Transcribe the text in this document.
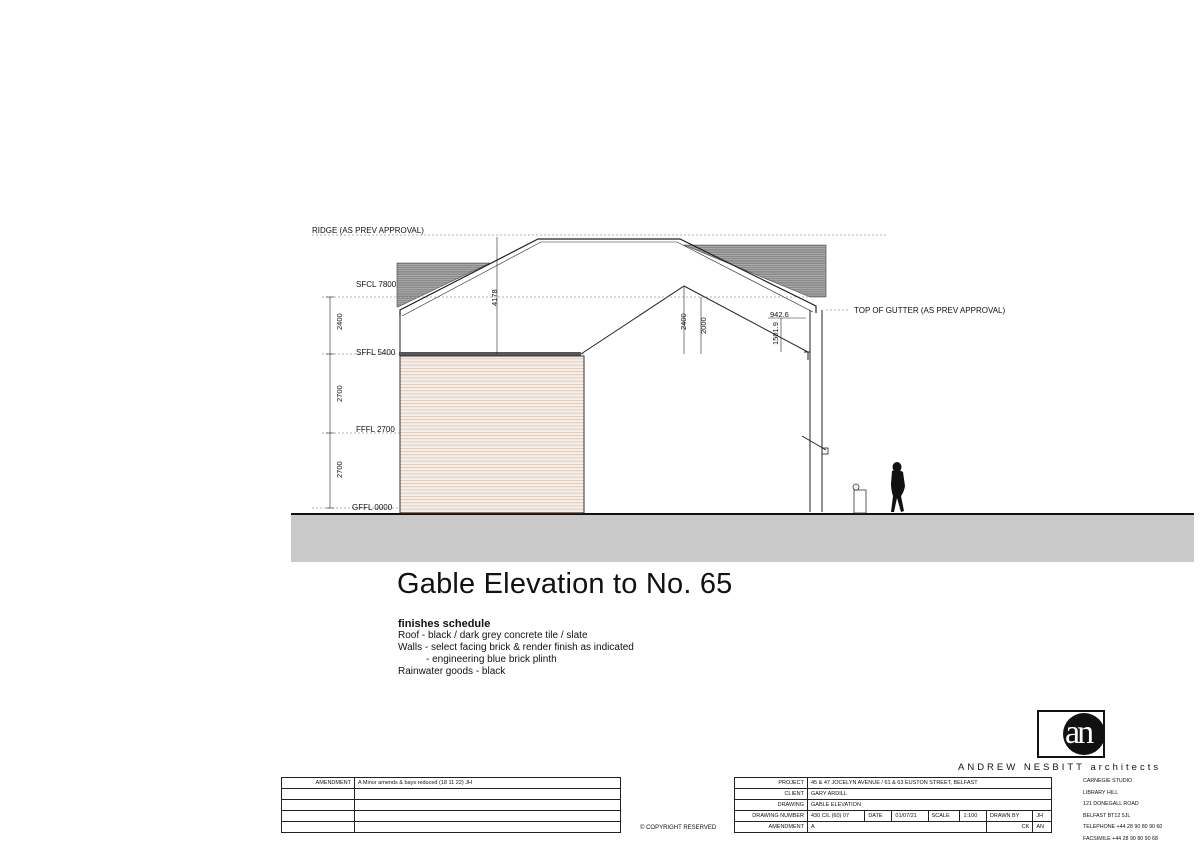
RIDGE (AS PREV APPROVAL)
SFCL 7800
SFFL 5400
FFFL 2700
GFFL 0000
TOP OF GUTTER (AS PREV APPROVAL)
2400
2700
2700
4178
2400 2000
942.6
1501.9
Gable Elevation to No. 65
finishes schedule
Roof - black / dark grey concrete tile / slate
Walls - select facing brick & render finish as indicated
- engineering blue brick plinth
Rainwater goods - black
AMENDMENT	A Minor amends & bays reduced (18 11 22) JH

© COPYRIGHT RESERVED
PROJECT	45 & 47 JOCELYN AVENUE / 61 & 63 EUSTON STREET, BELFAST						
CLIENT	GARY ARDILL						
DRAWING	GABLE ELEVATION						
DRAWING NUMBER	430 C/L (60) 07	DATE	01/07/21	SCALE	1:100	DRAWN BY	JH
AMENDMENT	A					CK	AN
an
ANDREW NESBITT architects
CARNEGIE STUDIO
LIBRARY HILL
121 DONEGALL ROAD
BELFAST BT12 5JL
TELEPHONE +44 28 90 80 90 60
FACSIMILE +44 28 90 80 90 68
